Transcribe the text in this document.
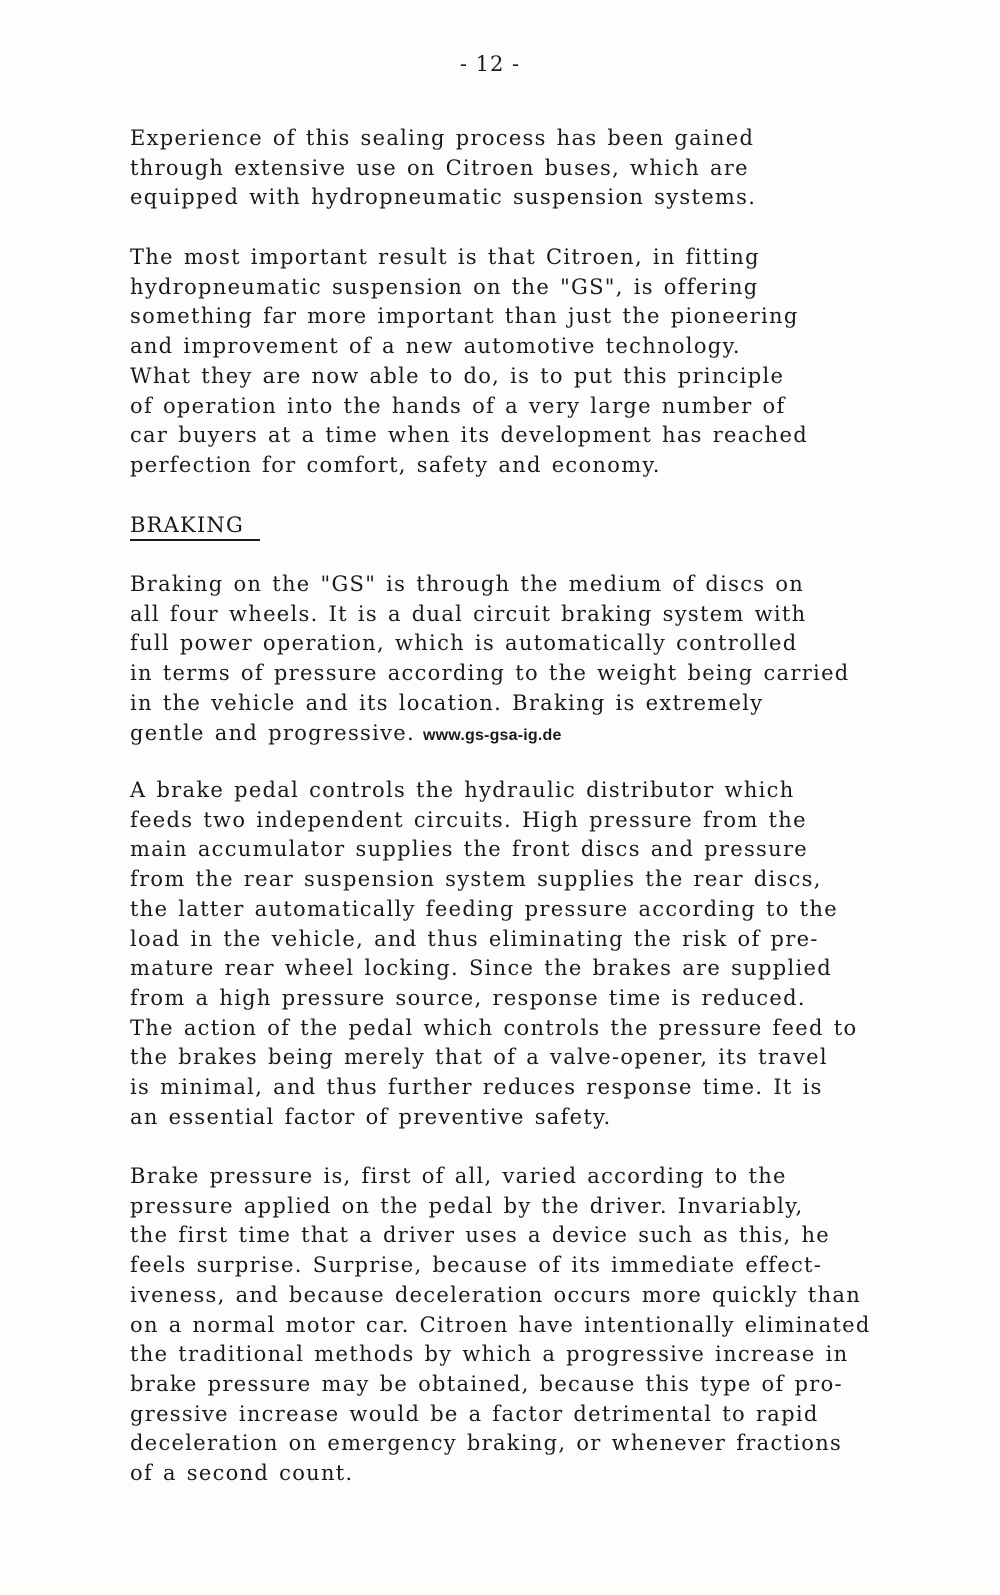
- 12 -
Experience of this sealing process has been gained
through extensive use on Citroen buses, which are
equipped with hydropneumatic suspension systems.
The most important result is that Citroen, in fitting
hydropneumatic suspension on the "GS", is offering
something far more important than just the pioneering
and improvement of a new automotive technology.
What they are now able to do, is to put this principle
of operation into the hands of a very large number of
car buyers at a time when its development has reached
perfection for comfort, safety and economy.
BRAKING
Braking on the "GS" is through the medium of discs on
all four wheels. It is a dual circuit braking system with
full power operation, which is automatically controlled
in terms of pressure according to the weight being carried
in the vehicle and its location. Braking is extremely
gentle and progressive. www.gs-gsa-ig.de
A brake pedal controls the hydraulic distributor which
feeds two independent circuits. High pressure from the
main accumulator supplies the front discs and pressure
from the rear suspension system supplies the rear discs,
the latter automatically feeding pressure according to the
load in the vehicle, and thus eliminating the risk of pre-
mature rear wheel locking. Since the brakes are supplied
from a high pressure source, response time is reduced.
The action of the pedal which controls the pressure feed to
the brakes being merely that of a valve-opener, its travel
is minimal, and thus further reduces response time. It is
an essential factor of preventive safety.
Brake pressure is, first of all, varied according to the
pressure applied on the pedal by the driver. Invariably,
the first time that a driver uses a device such as this, he
feels surprise. Surprise, because of its immediate effect-
iveness, and because deceleration occurs more quickly than
on a normal motor car. Citroen have intentionally eliminated
the traditional methods by which a progressive increase in
brake pressure may be obtained, because this type of pro-
gressive increase would be a factor detrimental to rapid
deceleration on emergency braking, or whenever fractions
of a second count.
